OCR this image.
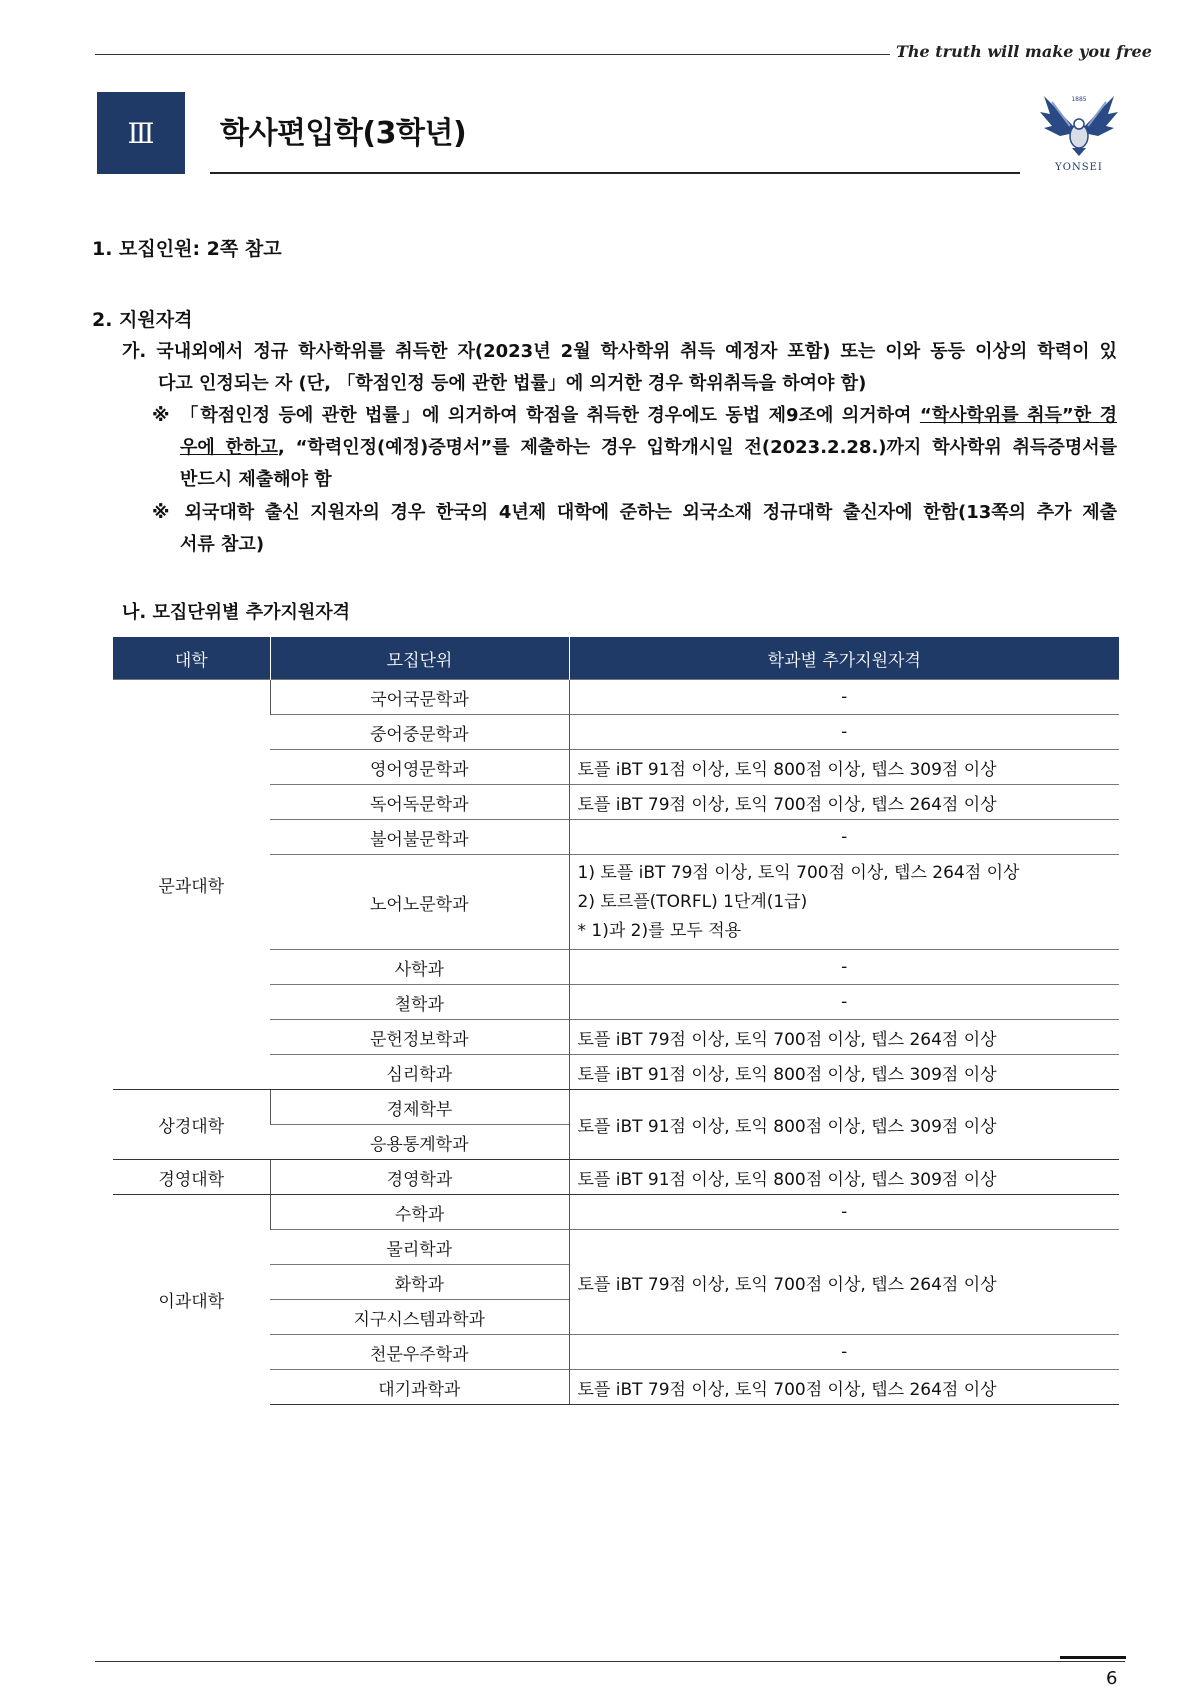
The truth will make you free
Ⅲ	학사편입학(3학년)
1885
YONSEI
1. 모집인원: 2쪽 참고
2. 지원자격
가. 국내외에서 정규 학사학위를 취득한 자(2023년 2월 학사학위 취득 예정자 포함) 또는 이와 동등 이상의 학력이 있
다고 인정되는 자 (단, 「학점인정 등에 관한 법률」에 의거한 경우 학위취득을 하여야 함)
※ 「학점인정 등에 관한 법률」에 의거하여 학점을 취득한 경우에도 동법 제9조에 의거하여 “학사학위를 취득”한 경
우에 한하고, “학력인정(예정)증명서”를 제출하는 경우 입학개시일 전(2023.2.28.)까지 학사학위 취득증명서를
반드시 제출해야 함
※ 외국대학 출신 지원자의 경우 한국의 4년제 대학에 준하는 외국소재 정규대학 출신자에 한함(13쪽의 추가 제출
서류 참고)
나. 모집단위별 추가지원자격
대학	모집단위	학과별 추가지원자격
문과대학	국어국문학과	-
	중어중문학과	-
	영어영문학과	토플 iBT 91점 이상, 토익 800점 이상, 텝스 309점 이상
	독어독문학과	토플 iBT 79점 이상, 토익 700점 이상, 텝스 264점 이상
	불어불문학과	-
	노어노문학과	1) 토플 iBT 79점 이상, 토익 700점 이상, 텝스 264점 이상
2) 토르플(TORFL) 1단계(1급)
* 1)과 2)를 모두 적용

	사학과	-
	철학과	-
	문헌정보학과	토플 iBT 79점 이상, 토익 700점 이상, 텝스 264점 이상
	심리학과	토플 iBT 91점 이상, 토익 800점 이상, 텝스 309점 이상
상경대학	경제학부	토플 iBT 91점 이상, 토익 800점 이상, 텝스 309점 이상
	응용통계학과	
경영대학	경영학과	토플 iBT 91점 이상, 토익 800점 이상, 텝스 309점 이상
이과대학	수학과	-
	물리학과	토플 iBT 79점 이상, 토익 700점 이상, 텝스 264점 이상
	화학과	
	지구시스템과학과	
	천문우주학과	-
	대기과학과	토플 iBT 79점 이상, 토익 700점 이상, 텝스 264점 이상
6
